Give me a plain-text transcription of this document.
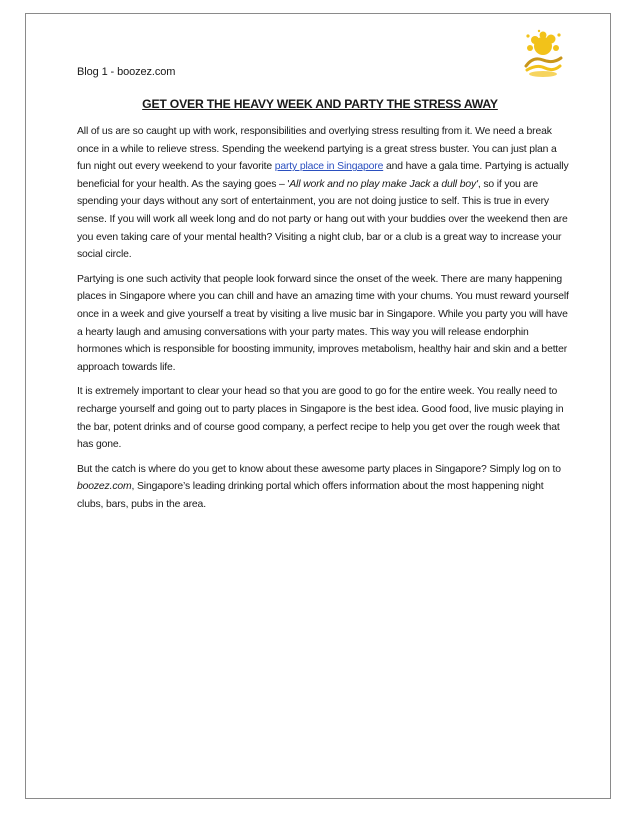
Blog 1 - boozez.com
GET OVER THE HEAVY WEEK AND PARTY THE STRESS AWAY

All of us are so caught up with work, responsibilities and overlying stress resulting from it. We need a break once in a while to relieve stress. Spending the weekend partying is a great stress buster. You can just plan a fun night out every weekend to your favorite party place in Singapore and have a gala time. Partying is actually beneficial for your health. As the saying goes – 'All work and no play make Jack a dull boy', so if you are spending your days without any sort of entertainment, you are not doing justice to self. This is true in every sense. If you will work all week long and do not party or hang out with your buddies over the weekend then are you even taking care of your mental health? Visiting a night club, bar or a club is a great way to increase your social circle.

Partying is one such activity that people look forward since the onset of the week. There are many happening places in Singapore where you can chill and have an amazing time with your chums. You must reward yourself once in a week and give yourself a treat by visiting a live music bar in Singapore. While you party you will have a hearty laugh and amusing conversations with your party mates. This way you will release endorphin hormones which is responsible for boosting immunity, improves metabolism, healthy hair and skin and a better approach towards life.

It is extremely important to clear your head so that you are good to go for the entire week. You really need to recharge yourself and going out to party places in Singapore is the best idea. Good food, live music playing in the bar, potent drinks and of course good company, a perfect recipe to help you get over the rough week that has gone.

But the catch is where do you get to know about these awesome party places in Singapore? Simply log on to boozez.com, Singapore’s leading drinking portal which offers information about the most happening night clubs, bars, pubs in the area.
